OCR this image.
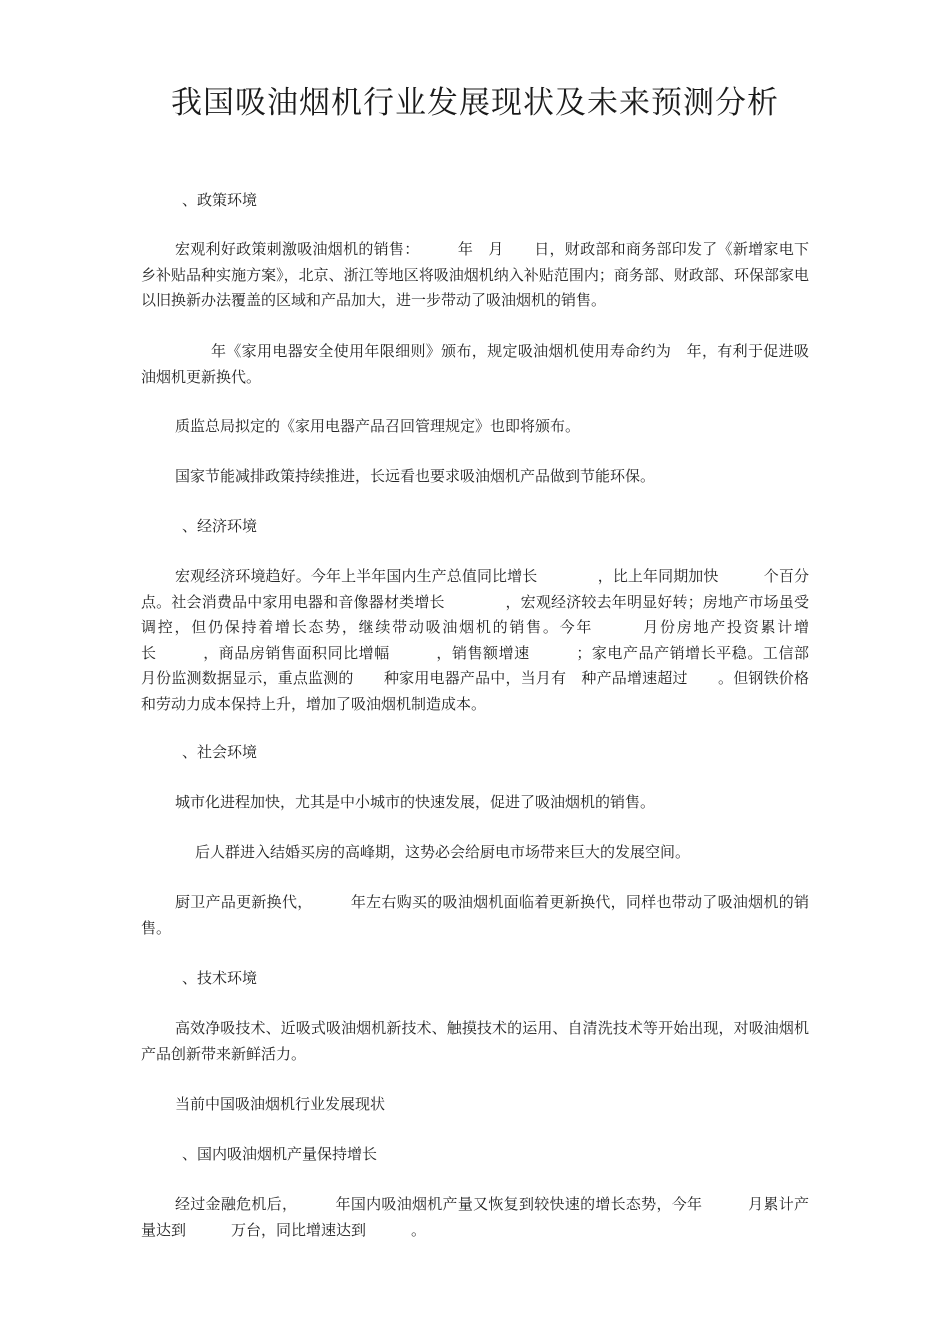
我国吸油烟机行业发展现状及未来预测分析

、政策环境

宏观利好政策刺激吸油烟机的销售：　　　年　月　　日，财政部和商务部印发了《新增家电下乡补贴品种实施方案》，北京、浙江等地区将吸油烟机纳入补贴范围内；商务部、财政部、环保部家电以旧换新办法覆盖的区域和产品加大，进一步带动了吸油烟机的销售。

年《家用电器安全使用年限细则》颁布，规定吸油烟机使用寿命约为　年，有利于促进吸油烟机更新换代。

质监总局拟定的《家用电器产品召回管理规定》也即将颁布。

国家节能减排政策持续推进，长远看也要求吸油烟机产品做到节能环保。

、经济环境

宏观经济环境趋好。今年上半年国内生产总值同比增长　　　　，比上年同期加快　　　个百分点。社会消费品中家用电器和音像器材类增长　　　　，宏观经济较去年明显好转；房地产市场虽受调控，但仍保持着增长态势，继续带动吸油烟机的销售。今年　　　月份房地产投资累计增长　　　，商品房销售面积同比增幅　　　，销售额增速　　　；家电产品产销增长平稳。工信部　月份监测数据显示，重点监测的　　种家用电器产品中，当月有　种产品增速超过　　。但钢铁价格和劳动力成本保持上升，增加了吸油烟机制造成本。

、社会环境

城市化进程加快，尤其是中小城市的快速发展，促进了吸油烟机的销售。

后人群进入结婚买房的高峰期，这势必会给厨电市场带来巨大的发展空间。

厨卫产品更新换代，　　　年左右购买的吸油烟机面临着更新换代，同样也带动了吸油烟机的销售。

、技术环境

高效净吸技术、近吸式吸油烟机新技术、触摸技术的运用、自清洗技术等开始出现，对吸油烟机产品创新带来新鲜活力。

当前中国吸油烟机行业发展现状

、国内吸油烟机产量保持增长

经过金融危机后，　　　年国内吸油烟机产量又恢复到较快速的增长态势，今年　　　月累计产量达到　　　万台，同比增速达到　　　。
